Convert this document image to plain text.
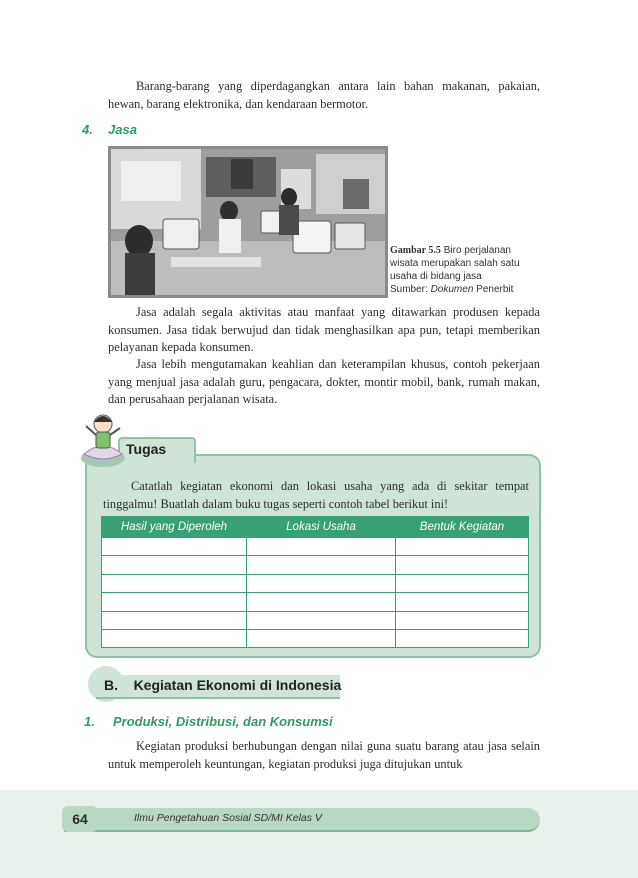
Barang-barang yang diperdagangkan antara lain bahan makanan, pakaian, hewan, barang elektronika, dan kendaraan bermotor.

4. Jasa
Gambar 5.5 Biro perjalanan wisata merupakan salah satu usaha di bidang jasa
Sumber: Dokumen Penerbit

Jasa adalah segala aktivitas atau manfaat yang ditawarkan produsen kepada konsumen. Jasa tidak berwujud dan tidak menghasilkan apa pun, tetapi memberikan pelayanan kepada konsumen.

Jasa lebih mengutamakan keahlian dan keterampilan khusus, contoh pekerjaan yang menjual jasa adalah guru, pengacara, dokter, montir mobil, bank, rumah makan, dan perusahaan perjalanan wisata.

Tugas

Catatlah kegiatan ekonomi dan lokasi usaha yang ada di sekitar tempat tinggalmu! Buatlah dalam buku tugas seperti contoh tabel berikut ini!

Hasil yang Diperoleh	Lokasi Usaha	Bentuk Kegiatan

B. Kegiatan Ekonomi di Indonesia
1. Produksi, Distribusi, dan Konsumsi

Kegiatan produksi berhubungan dengan nilai guna suatu barang atau jasa selain untuk memperoleh keuntungan, kegiatan produksi juga ditujukan untuk

64	Ilmu Pengetahuan Sosial SD/MI Kelas V
